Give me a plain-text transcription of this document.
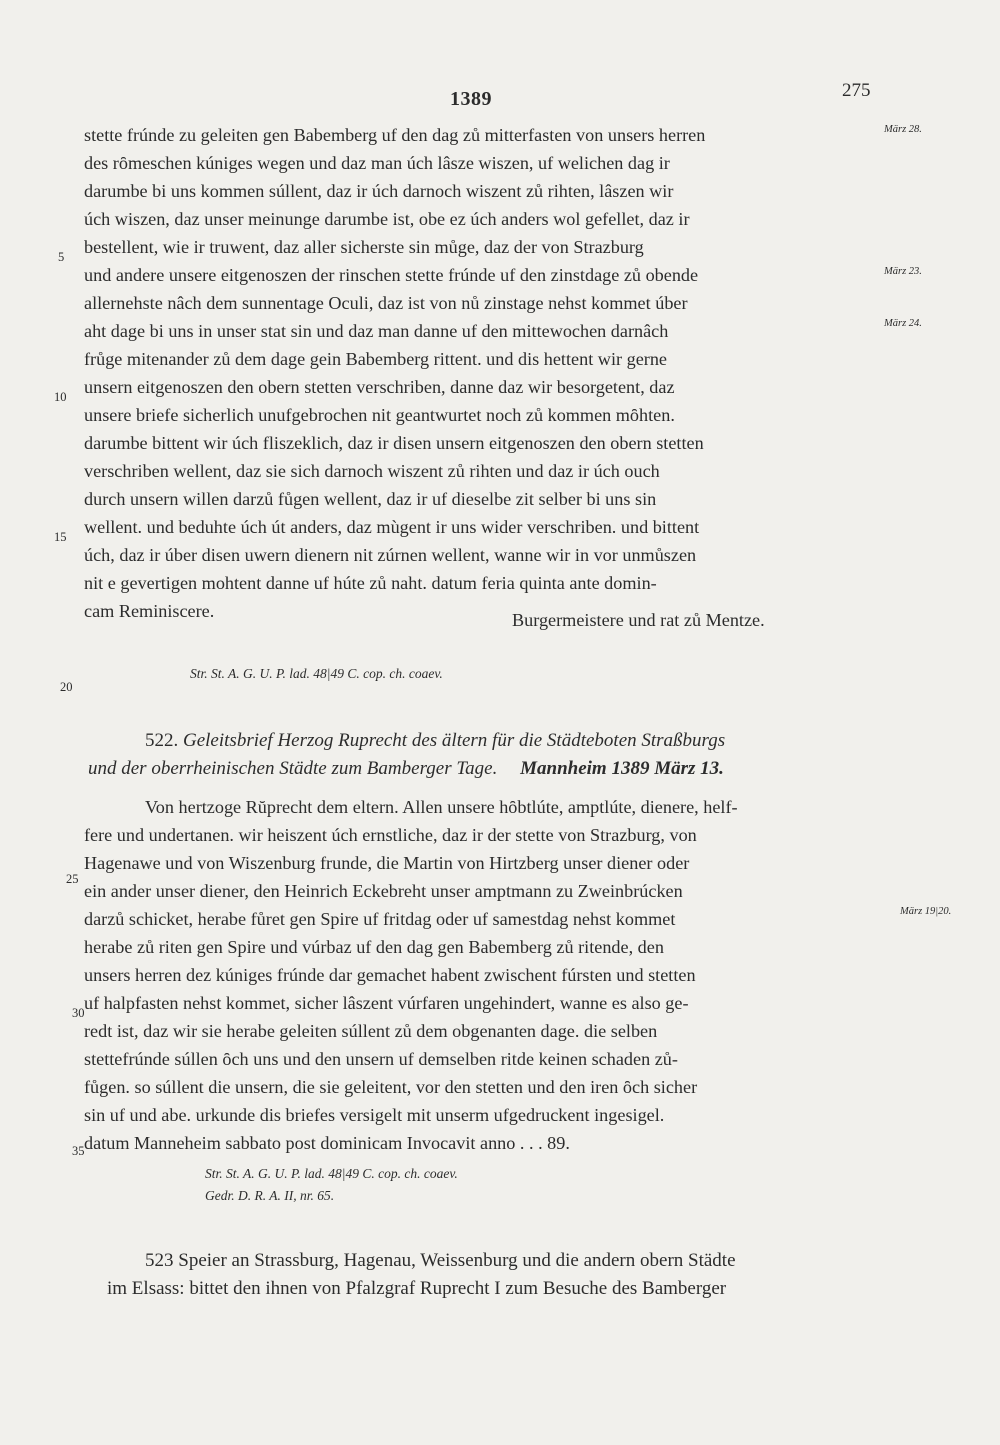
1389	275
stette frúnde zu geleiten gen Babemberg uf den dag zů mitterfasten von unsers herren
des rȏmeschen kúniges wegen und daz man úch lâsze wiszen, uf welichen dag ir
darumbe bi uns kommen súllent, daz ir úch darnoch wiszent zů rihten, lâszen wir
úch wiszen, daz unser meinunge darumbe ist, obe ez úch anders wol gefellet, daz ir
bestellent, wie ir truwent, daz aller sicherste sin můge, daz der von Strazburg
und andere unsere eitgenoszen der rinschen stette frúnde uf den zinstdage zů obende
allernehste nâch dem sunnentage Oculi, daz ist von nů zinstage nehst kommet úber
aht dage bi uns in unser stat sin und daz man danne uf den mittewochen darnâch
frůge mitenander zů dem dage gein Babemberg rittent. und dis hettent wir gerne
unsern eitgenoszen den obern stetten verschriben, danne daz wir besorgetent, daz
unsere briefe sicherlich unufgebrochen nit geantwurtet noch zů kommen mȏhten.
darumbe bittent wir úch fliszeklich, daz ir disen unsern eitgenoszen den obern stetten
verschriben wellent, daz sie sich darnoch wiszent zů rihten und daz ir úch ouch
durch unsern willen darzů fůgen wellent, daz ir uf dieselbe zit selber bi uns sin
wellent. und beduhte úch út anders, daz mùgent ir uns wider verschriben. und bittent
úch, daz ir úber disen uwern dienern nit zúrnen wellent, wanne wir in vor unmůszen
nit e gevertigen mohtent danne uf húte zů naht. datum feria quinta ante domin-
cam Reminiscere.	Burgermeistere und rat zů Mentze.
Str. St. A. G. U. P. lad. 48|49 C. cop. ch. coaev.
522. Geleitsbrief Herzog Ruprecht des ältern für die Städteboten Straßburgs
und der oberrheinischen Städte zum Bamberger Tage. Mannheim 1389 März 13.
Von hertzoge Rŭprecht dem eltern. Allen unsere hȏbtlúte, amptlúte, dienere, helf-
fere und undertanen. wir heiszent úch ernstliche, daz ir der stette von Strazburg, von
Hagenawe und von Wiszenburg frunde, die Martin von Hirtzberg unser diener oder
ein ander unser diener, den Heinrich Eckebreht unser amptmann zu Zweinbrúcken
darzů schicket, herabe fůret gen Spire uf fritdag oder uf samestdag nehst kommet
herabe zů riten gen Spire und vúrbaz uf den dag gen Babemberg zů ritende, den
unsers herren dez kúniges frúnde dar gemachet habent zwischent fúrsten und stetten
uf halpfasten nehst kommet, sicher lâszent vúrfaren ungehindert, wanne es also ge-
redt ist, daz wir sie herabe geleiten súllent zů dem obgenanten dage. die selben
stettefrúnde súllen ȏch uns und den unsern uf demselben ritde keinen schaden zů-
fůgen. so súllent die unsern, die sie geleitent, vor den stetten und den iren ȏch sicher
sin uf und abe. urkunde dis briefes versigelt mit unserm ufgedruckent ingesigel.
datum Manneheim sabbato post dominicam Invocavit anno . . . 89.
Str. St. A. G. U. P. lad. 48|49 C. cop. ch. coaev.
Gedr. D. R. A. II, nr. 65.
523 Speier an Strassburg, Hagenau, Weissenburg und die andern obern Städte
im Elsass: bittet den ihnen von Pfalzgraf Ruprecht I zum Besuche des Bamberger
5
10
15
20
25
30
35
März 28.
März 23.
März 24.
März 19|20.
